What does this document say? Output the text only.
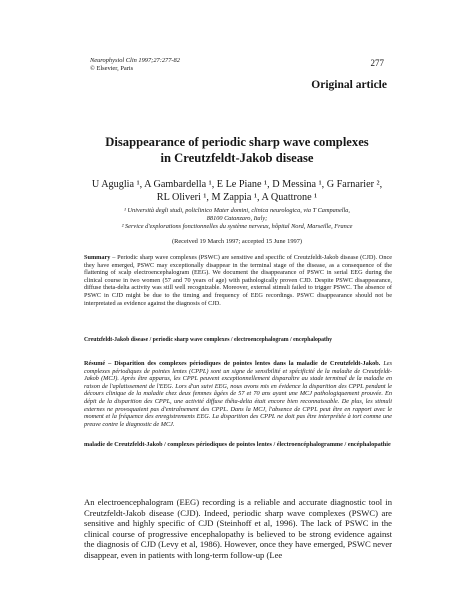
Neurophysiol Clin 1997;27:277-82
© Elsevier, Paris
277
Original article
Disappearance of periodic sharp wave complexes
in Creutzfeldt-Jakob disease
U Aguglia ¹, A Gambardella ¹, E Le Piane ¹, D Messina ¹, G Farnarier ²,
RL Oliveri ¹, M Zappia ¹, A Quattrone ¹
¹ Università degli studi, policlinico Mater domini, clinica neurologica, via T Campanella,
88100 Catanzaro, Italy;
² Service d'explorations fonctionnelles du système nerveux, hôpital Nord, Marseille, France
(Received 19 March 1997; accepted 15 June 1997)
Summary – Periodic sharp wave complexes (PSWC) are sensitive and specific of Creutzfeldt-Jakob disease (CJD). Once they have emerged, PSWC may exceptionally disappear in the terminal stage of the disease, as a consequence of the flattening of scalp electroencephalogram (EEG). We document the disappearance of PSWC in serial EEG during the clinical course in two women (57 and 70 years of age) with pathologically proven CJD. Despite PSWC disappearance, diffuse theta-delta activity was still well recognizable. Moreover, external stimuli failed to trigger PSWC. The absence of PSWC in CJD might be due to the timing and frequency of EEG recordings. PSWC disappearance should not be interpretated as evidence against the diagnosis of CJD.
Creutzfeldt-Jakob disease / periodic sharp wave complexes / electroencephalogram / encephalopathy
Résumé – Disparition des complexes périodiques de pointes lentes dans la maladie de Creutzfeldt-Jakob. Les complexes périodiques de pointes lentes (CPPL) sont un signe de sensibilité et spécificité de la maladie de Creutzfeldt-Jakob (MCJ). Après être apparus, les CPPL peuvent exceptionnellement disparaître au stade terminal de la maladie en raison de l'aplatissement de l'EEG. Lors d'un suivi EEG, nous avons mis en évidence la disparition des CPPL pendant le décours clinique de la maladie chez deux femmes âgées de 57 et 70 ans ayant une MCJ pathologiquement prouvée. En dépit de la disparition des CPPL, une activité diffuse thêta-delta était encore bien reconnaissable. De plus, les stimuli externes ne provoquaient pas d'entraînement des CPPL. Dans la MCJ, l'absence de CPPL peut être en rapport avec le moment et la fréquence des enregistrements EEG. La disparition des CPPL ne doit pas être interprétée à tort comme une preuve contre le diagnostic de MCJ.
maladie de Creutzfeldt-Jakob / complexes périodiques de pointes lentes / électroencéphalogramme / encéphalopathie
An electroencephalogram (EEG) recording is a reliable and accurate diagnostic tool in Creutzfeldt-Jakob disease (CJD). Indeed, periodic sharp wave complexes (PSWC) are sensitive and highly specific of CJD (Steinhoff et al, 1996). The lack of PSWC in the clinical course of progressive encephalopathy is believed to be strong evidence against the diagnosis of CJD (Levy et al, 1986). However, once they have emerged, PSWC never disappear, even in patients with long-term follow-up (Lee
